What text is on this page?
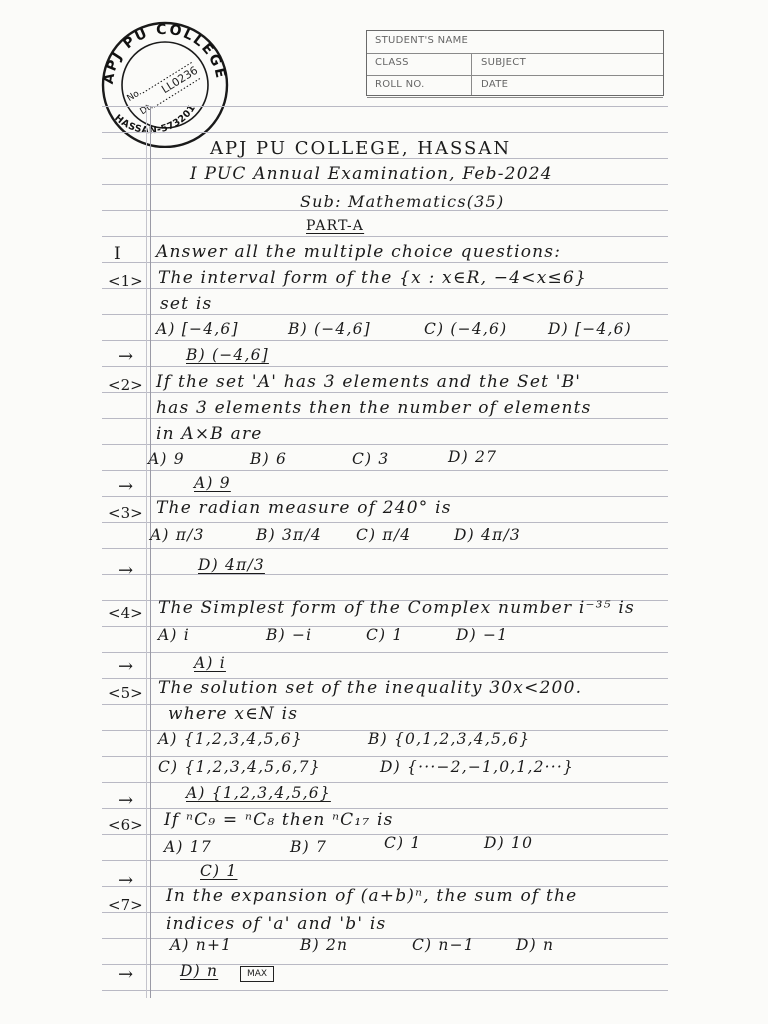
APJ PU COLLEGE
HASSAN-573201
No.
Dt.
LL0236
STUDENT'S NAME
CLASS	SUBJECT
ROLL NO.	DATE
APJ PU COLLEGE, HASSAN
I PUC Annual Examination, Feb-2024
Sub: Mathematics(35)
PART-A
I Answer all the multiple choice questions:
<1> The interval form of the {x : x∈R, −4<x≤6}
set is
A) [−4,6]	B) (−4,6]	C) (−4,6)	D) [−4,6)
→	B) (−4,6]
<2> If the set 'A' has 3 elements and the Set 'B'
has 3 elements then the number of elements
in A×B are
A) 9	B) 6	C) 3	D) 27
→	A) 9
<3> The radian measure of 240° is
A) π/3	B) 3π/4 C) π/4	D) 4π/3
→	D) 4π/3
<4> The Simplest form of the Complex number i⁻³⁵ is
A) i	B) −i	C) 1	D) −1
→	A) i
<5> The solution set of the inequality 30x<200.
where x∈N is
A) {1,2,3,4,5,6}	B) {0,1,2,3,4,5,6}
C) {1,2,3,4,5,6,7}	D) {···−2,−1,0,1,2···}
→	A) {1,2,3,4,5,6}
<6> If ⁿC₉ = ⁿC₈ then ⁿC₁₇ is
A) 17	B) 7	C) 1	D) 10
→	C) 1
<7> In the expansion of (a+b)ⁿ, the sum of the
indices of 'a' and 'b' is
A) n+1	B) 2n	C) n−1	D) n
→	D) n	MAX
